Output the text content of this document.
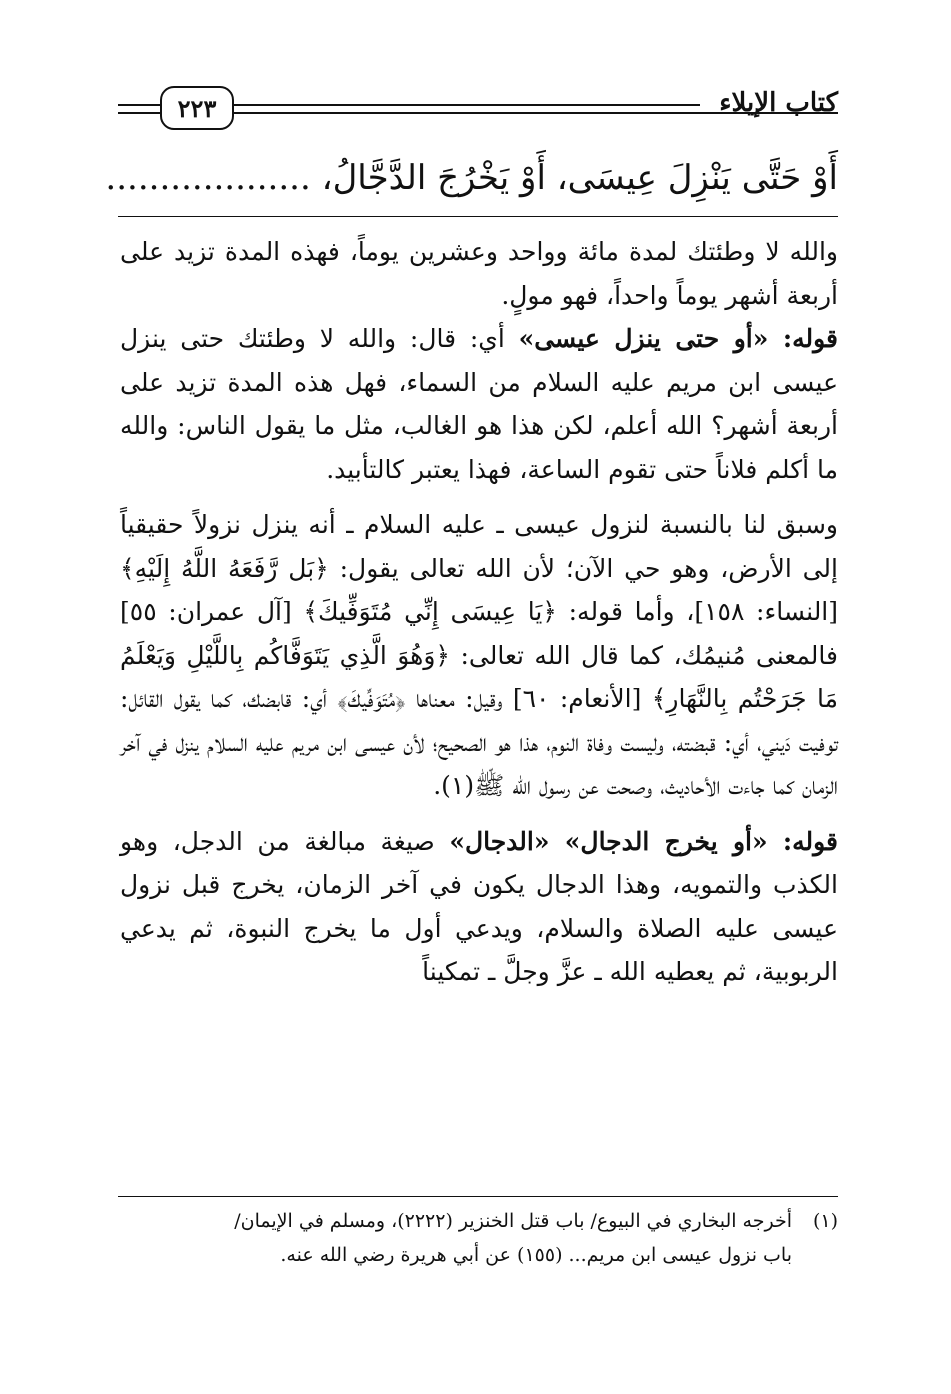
٢٢٣	كتاب الإيلاء
أَوْ حَتَّى يَنْزِلَ عِيسَى، أَوْ يَخْرُجَ الدَّجَّالُ، ...................

والله لا وطئتك لمدة مائة وواحد وعشرين يوماً، فهذه المدة تزيد على أربعة أشهر يوماً واحداً، فهو مولٍ.

قوله: «أو حتى ينزل عيسى» أي: قال: والله لا وطئتك حتى ينزل عيسى ابن مريم عليه السلام من السماء، فهل هذه المدة تزيد على أربعة أشهر؟ الله أعلم، لكن هذا هو الغالب، مثل ما يقول الناس: والله ما أكلم فلاناً حتى تقوم الساعة، فهذا يعتبر كالتأبيد.

وسبق لنا بالنسبة لنزول عيسى ـ عليه السلام ـ أنه ينزل نزولاً حقيقياً إلى الأرض، وهو حي الآن؛ لأن الله تعالى يقول: ﴿بَل رَّفَعَهُ اللَّهُ إِلَيْهِ﴾ [النساء: ١٥٨]، وأما قوله: ﴿يَا عِيسَى إِنِّي مُتَوَفِّيكَ﴾ [آل عمران: ٥٥] فالمعنى مُنيمُك، كما قال الله تعالى: ﴿وَهُوَ الَّذِي يَتَوَفَّاكُم بِاللَّيْلِ وَيَعْلَمُ مَا جَرَحْتُم بِالنَّهَارِ﴾ [الأنعام: ٦٠] وقيل: معناها ﴿مُتَوَفِّيكَ﴾ أي: قابضك، كما يقول القائل: توفيت دَيني، أي: قبضته، وليست وفاة النوم، هذا هو الصحيح؛ لأن عيسى ابن مريم عليه السلام ينزل في آخر الزمان كما جاءت الأحاديث، وصحت عن رسول الله ﷺ(١).

قوله: «أو يخرج الدجال» «الدجال» صيغة مبالغة من الدجل، وهو الكذب والتمويه، وهذا الدجال يكون في آخر الزمان، يخرج قبل نزول عيسى عليه الصلاة والسلام، ويدعي أول ما يخرج النبوة، ثم يدعي الربوبية، ثم يعطيه الله ـ عزَّ وجلَّ ـ تمكيناً

(١)أخرجه البخاري في البيوع/ باب قتل الخنزير (٢٢٢٢)، ومسلم في الإيمان/
باب نزول عيسى ابن مريم... (١٥٥) عن أبي هريرة رضي الله عنه.
